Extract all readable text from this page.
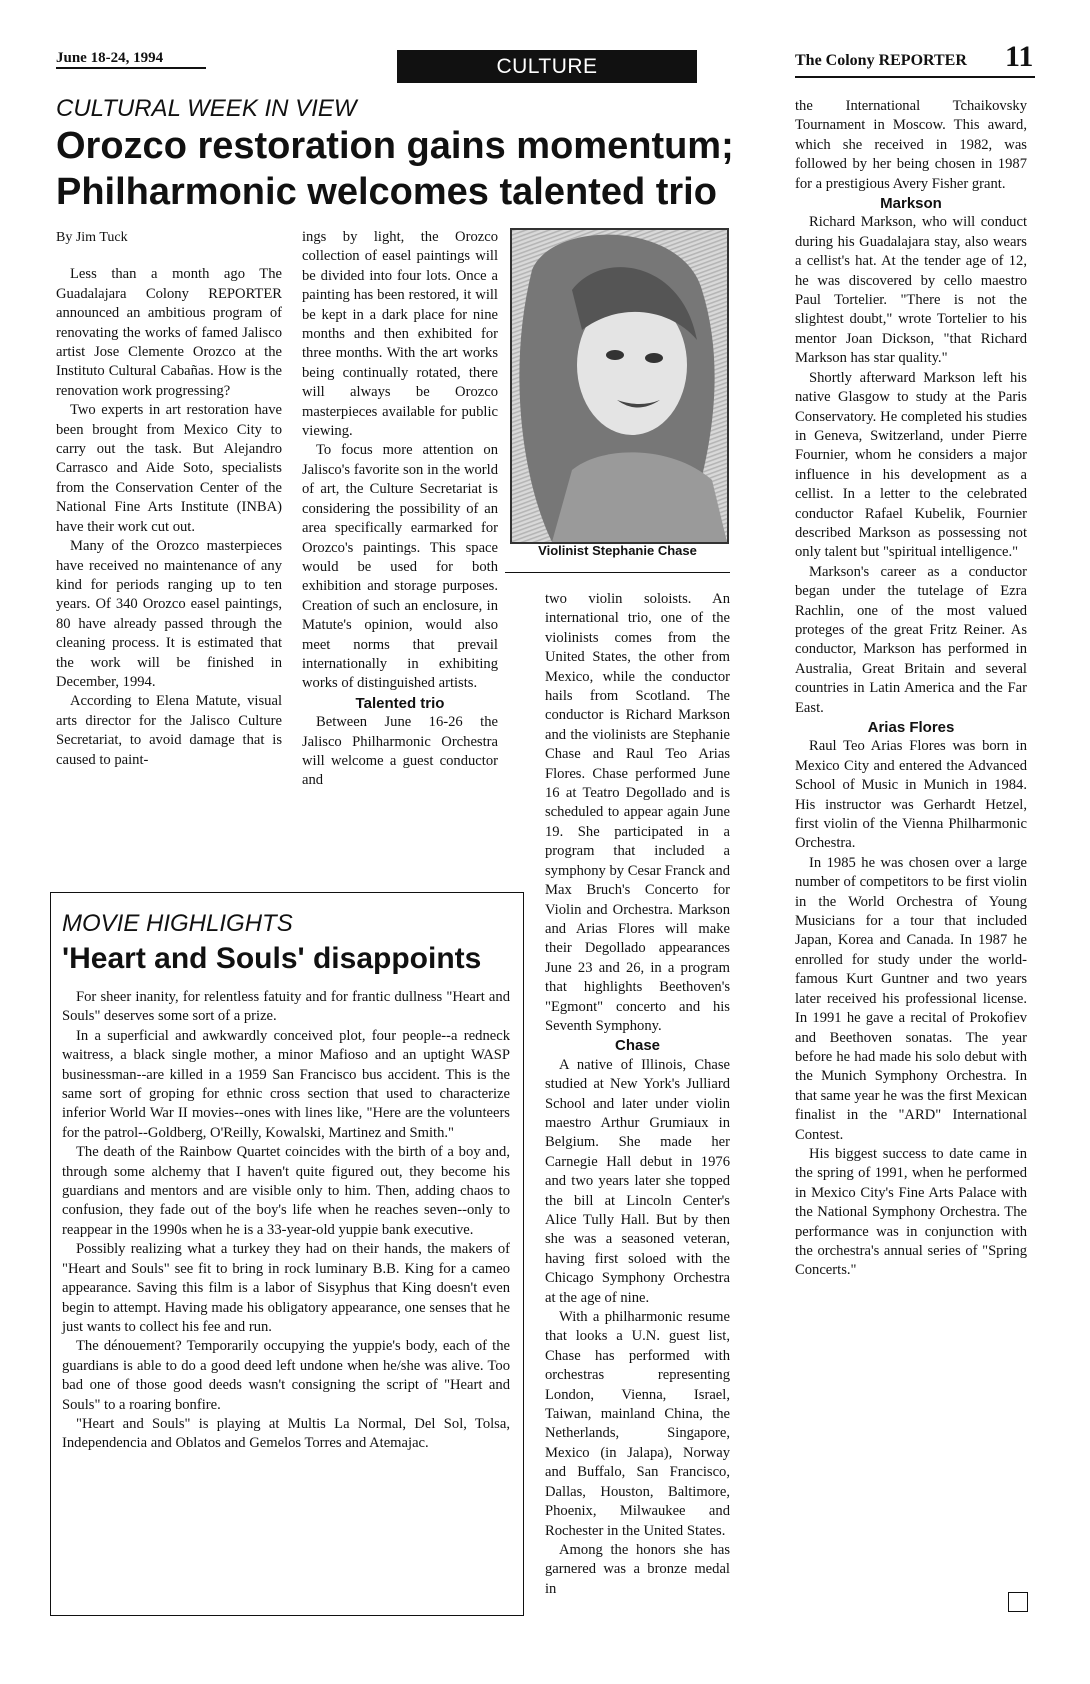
June 18-24, 1994	CULTURE	The Colony REPORTER 11
CULTURAL WEEK IN VIEW
Orozco restoration gains momentum; Philharmonic welcomes talented trio

By Jim Tuck

Less than a month ago The Guadalajara Colony REPORTER announced an ambitious program of renovating the works of famed Jalisco artist Jose Clemente Orozco at the Instituto Cultural Cabañas. How is the renovation work progressing?

Two experts in art restoration have been brought from Mexico City to carry out the task. But Alejandro Carrasco and Aide Soto, specialists from the Conservation Center of the National Fine Arts Institute (INBA) have their work cut out.

Many of the Orozco masterpieces have received no maintenance of any kind for periods ranging up to ten years. Of 340 Orozco easel paintings, 80 have already passed through the cleaning process. It is estimated that the work will be finished in December, 1994.

According to Elena Matute, visual arts director for the Jalisco Culture Secretariat, to avoid damage that is caused to paint-

ings by light, the Orozco collection of easel paintings will be divided into four lots. Once a painting has been restored, it will be kept in a dark place for nine months and then exhibited for three months. With the art works being continually rotated, there will always be Orozco masterpieces available for public viewing.

To focus more attention on Jalisco's favorite son in the world of art, the Culture Secretariat is considering the possibility of an area specifically earmarked for Orozco's paintings. This space would be used for both exhibition and storage purposes. Creation of such an enclosure, in Matute's opinion, would also meet norms that prevail internationally in exhibiting works of distinguished artists.

Talented trio

Between June 16-26 the Jalisco Philharmonic Orchestra will welcome a guest conductor and

Violinist Stephanie Chase

two violin soloists. An international trio, one of the violinists comes from the United States, the other from Mexico, while the conductor hails from Scotland. The conductor is Richard Markson and the violinists are Stephanie Chase and Raul Teo Arias Flores. Chase performed June 16 at Teatro Degollado and is scheduled to appear again June 19. She participated in a program that included a symphony by Cesar Franck and Max Bruch's Concerto for Violin and Orchestra. Markson and Arias Flores will make their Degollado appearances June 23 and 26, in a program that highlights Beethoven's "Egmont" concerto and his Seventh Symphony.

Chase

A native of Illinois, Chase studied at New York's Julliard School and later under violin maestro Arthur Grumiaux in Belgium. She made her Carnegie Hall debut in 1976 and two years later she topped the bill at Lincoln Center's Alice Tully Hall. But by then she was a seasoned veteran, having first soloed with the Chicago Symphony Orchestra at the age of nine.

With a philharmonic resume that looks a U.N. guest list, Chase has performed with orchestras representing London, Vienna, Israel, Taiwan, mainland China, the Netherlands, Singapore, Mexico (in Jalapa), Norway and Buffalo, San Francisco, Dallas, Houston, Baltimore, Phoenix, Milwaukee and Rochester in the United States.

Among the honors she has garnered was a bronze medal in

the International Tchaikovsky Tournament in Moscow. This award, which she received in 1982, was followed by her being chosen in 1987 for a prestigious Avery Fisher grant.

Markson

Richard Markson, who will conduct during his Guadalajara stay, also wears a cellist's hat. At the tender age of 12, he was discovered by cello maestro Paul Tortelier. "There is not the slightest doubt," wrote Tortelier to his mentor Joan Dickson, "that Richard Markson has star quality."

Shortly afterward Markson left his native Glasgow to study at the Paris Conservatory. He completed his studies in Geneva, Switzerland, under Pierre Fournier, whom he considers a major influence in his development as a cellist. In a letter to the celebrated conductor Rafael Kubelik, Fournier described Markson as possessing not only talent but "spiritual intelligence."

Markson's career as a conductor began under the tutelage of Ezra Rachlin, one of the most valued proteges of the great Fritz Reiner. As conductor, Markson has performed in Australia, Great Britain and several countries in Latin America and the Far East.

Arias Flores

Raul Teo Arias Flores was born in Mexico City and entered the Advanced School of Music in Munich in 1984. His instructor was Gerhardt Hetzel, first violin of the Vienna Philharmonic Orchestra.

In 1985 he was chosen over a large number of competitors to be first violin in the World Orchestra of Young Musicians for a tour that included Japan, Korea and Canada. In 1987 he enrolled for study under the world-famous Kurt Guntner and two years later received his professional license. In 1991 he gave a recital of Prokofiev and Beethoven sonatas. The year before he had made his solo debut with the Munich Symphony Orchestra. In that same year he was the first Mexican finalist in the "ARD" International Contest.

His biggest success to date came in the spring of 1991, when he performed in Mexico City's Fine Arts Palace with the National Symphony Orchestra. The performance was in conjunction with the orchestra's annual series of "Spring Concerts."

MOVIE HIGHLIGHTS
'Heart and Souls' disappoints

For sheer inanity, for relentless fatuity and for frantic dullness "Heart and Souls" deserves some sort of a prize.

In a superficial and awkwardly conceived plot, four people--a redneck waitress, a black single mother, a minor Mafioso and an uptight WASP businessman--are killed in a 1959 San Francisco bus accident. This is the same sort of groping for ethnic cross section that used to characterize inferior World War II movies--ones with lines like, "Here are the volunteers for the patrol--Goldberg, O'Reilly, Kowalski, Martinez and Smith."

The death of the Rainbow Quartet coincides with the birth of a boy and, through some alchemy that I haven't quite figured out, they become his guardians and mentors and are visible only to him. Then, adding chaos to confusion, they fade out of the boy's life when he reaches seven--only to reappear in the 1990s when he is a 33-year-old yuppie bank executive.

Possibly realizing what a turkey they had on their hands, the makers of "Heart and Souls" see fit to bring in rock luminary B.B. King for a cameo appearance. Saving this film is a labor of Sisyphus that King doesn't even begin to attempt. Having made his obligatory appearance, one senses that he just wants to collect his fee and run.

The dénouement? Temporarily occupying the yuppie's body, each of the guardians is able to do a good deed left undone when he/she was alive. Too bad one of those good deeds wasn't consigning the script of "Heart and Souls" to a roaring bonfire.

"Heart and Souls" is playing at Multis La Normal, Del Sol, Tolsa, Independencia and Oblatos and Gemelos Torres and Atemajac.
